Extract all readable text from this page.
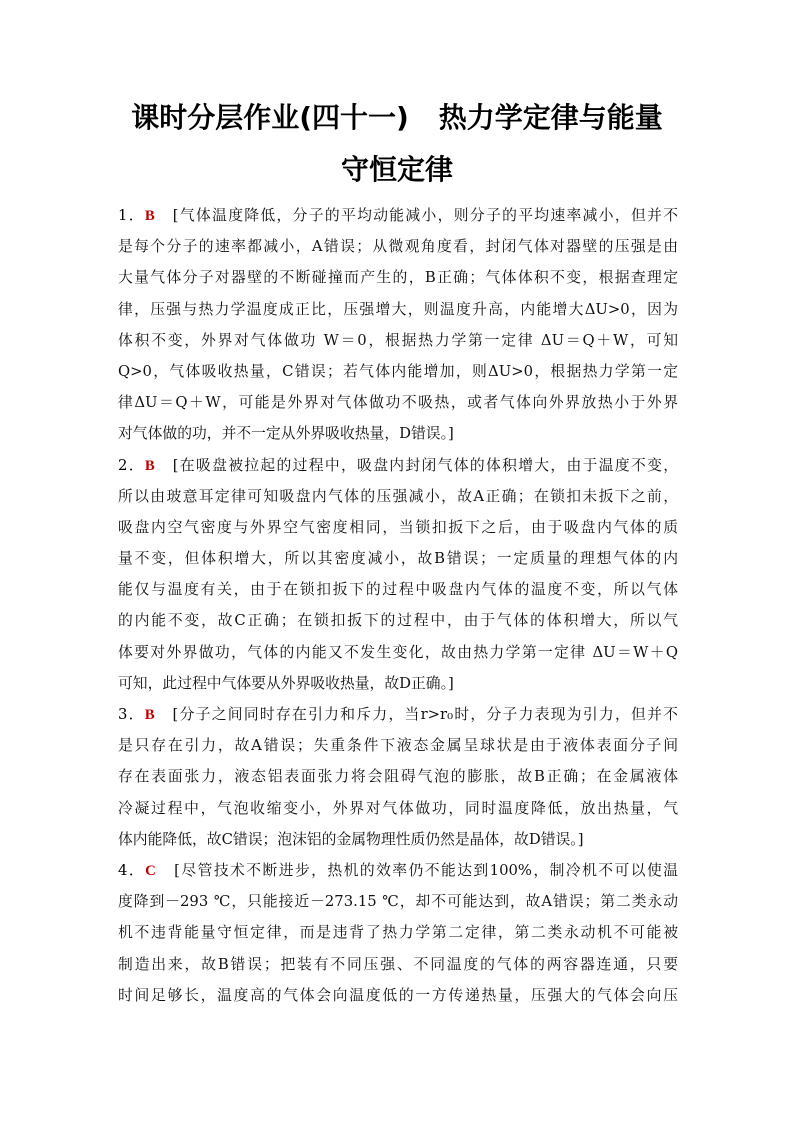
课时分层作业(四十一) 热力学定律与能量
守恒定律
1．B [气体温度降低，分子的平均动能减小，则分子的平均速率减小，但并不
是每个分子的速率都减小，A错误；从微观角度看，封闭气体对器壁的压强是由
大量气体分子对器壁的不断碰撞而产生的，B正确；气体体积不变，根据查理定
律，压强与热力学温度成正比，压强增大，则温度升高，内能增大ΔU>0，因为
体积不变，外界对气体做功 W＝0，根据热力学第一定律 ΔU＝Q＋W，可知
Q>0，气体吸收热量，C错误；若气体内能增加，则ΔU>0，根据热力学第一定
律ΔU＝Q＋W，可能是外界对气体做功不吸热，或者气体向外界放热小于外界
对气体做的功，并不一定从外界吸收热量，D错误。]
2．B [在吸盘被拉起的过程中，吸盘内封闭气体的体积增大，由于温度不变，
所以由玻意耳定律可知吸盘内气体的压强减小，故A正确；在锁扣未扳下之前，
吸盘内空气密度与外界空气密度相同，当锁扣扳下之后，由于吸盘内气体的质
量不变，但体积增大，所以其密度减小，故B错误；一定质量的理想气体的内
能仅与温度有关，由于在锁扣扳下的过程中吸盘内气体的温度不变，所以气体
的内能不变，故C正确；在锁扣扳下的过程中，由于气体的体积增大，所以气
体要对外界做功，气体的内能又不发生变化，故由热力学第一定律 ΔU＝W＋Q
可知，此过程中气体要从外界吸收热量，故D正确。]
3．B [分子之间同时存在引力和斥力，当r>r₀时，分子力表现为引力，但并不
是只存在引力，故A错误；失重条件下液态金属呈球状是由于液体表面分子间
存在表面张力，液态铝表面张力将会阻碍气泡的膨胀，故B正确；在金属液体
冷凝过程中，气泡收缩变小，外界对气体做功，同时温度降低，放出热量，气
体内能降低，故C错误；泡沫铝的金属物理性质仍然是晶体，故D错误。]
4．C [尽管技术不断进步，热机的效率仍不能达到100%，制冷机不可以使温
度降到－293 ℃，只能接近－273.15 ℃，却不可能达到，故A错误；第二类永动
机不违背能量守恒定律，而是违背了热力学第二定律，第二类永动机不可能被
制造出来，故B错误；把装有不同压强、不同温度的气体的两容器连通，只要
时间足够长，温度高的气体会向温度低的一方传递热量，压强大的气体会向压
